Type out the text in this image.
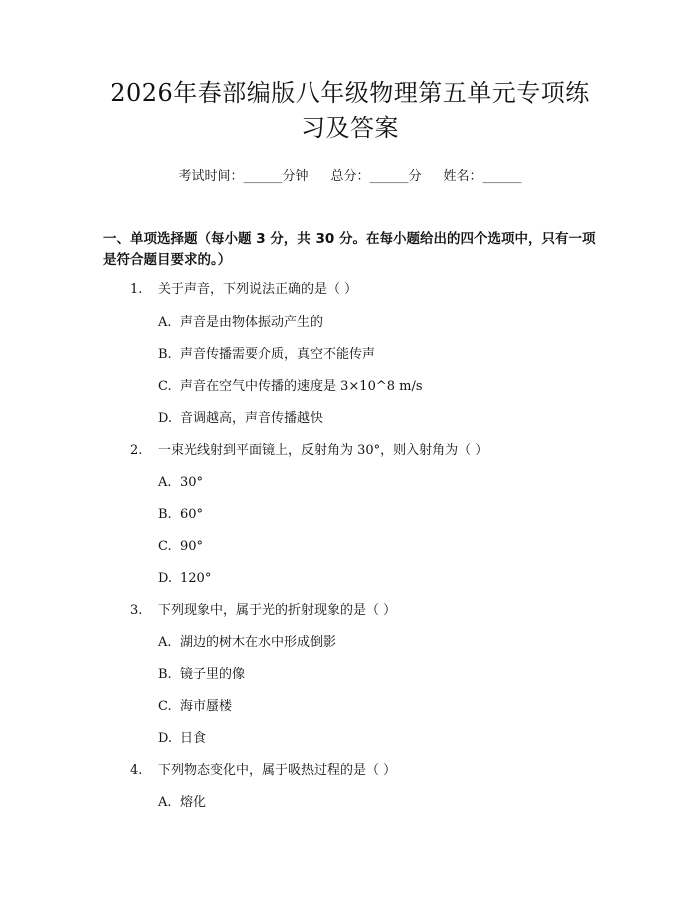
2026年春部编版八年级物理第五单元专项练
习及答案
考试时间：______分钟 总分：______分 姓名：______
一、单项选择题（每小题 3 分，共 30 分。在每小题给出的四个选项中，只有一项
是符合题目要求的。）
1. 关于声音，下列说法正确的是（ ）
A. 声音是由物体振动产生的
B. 声音传播需要介质，真空不能传声
C. 声音在空气中传播的速度是 3×10^8 m/s
D. 音调越高，声音传播越快
2. 一束光线射到平面镜上，反射角为 30°，则入射角为（ ）
A. 30°
B. 60°
C. 90°
D. 120°
3. 下列现象中，属于光的折射现象的是（ ）
A. 湖边的树木在水中形成倒影
B. 镜子里的像
C. 海市蜃楼
D. 日食
4. 下列物态变化中，属于吸热过程的是（ ）
A. 熔化
